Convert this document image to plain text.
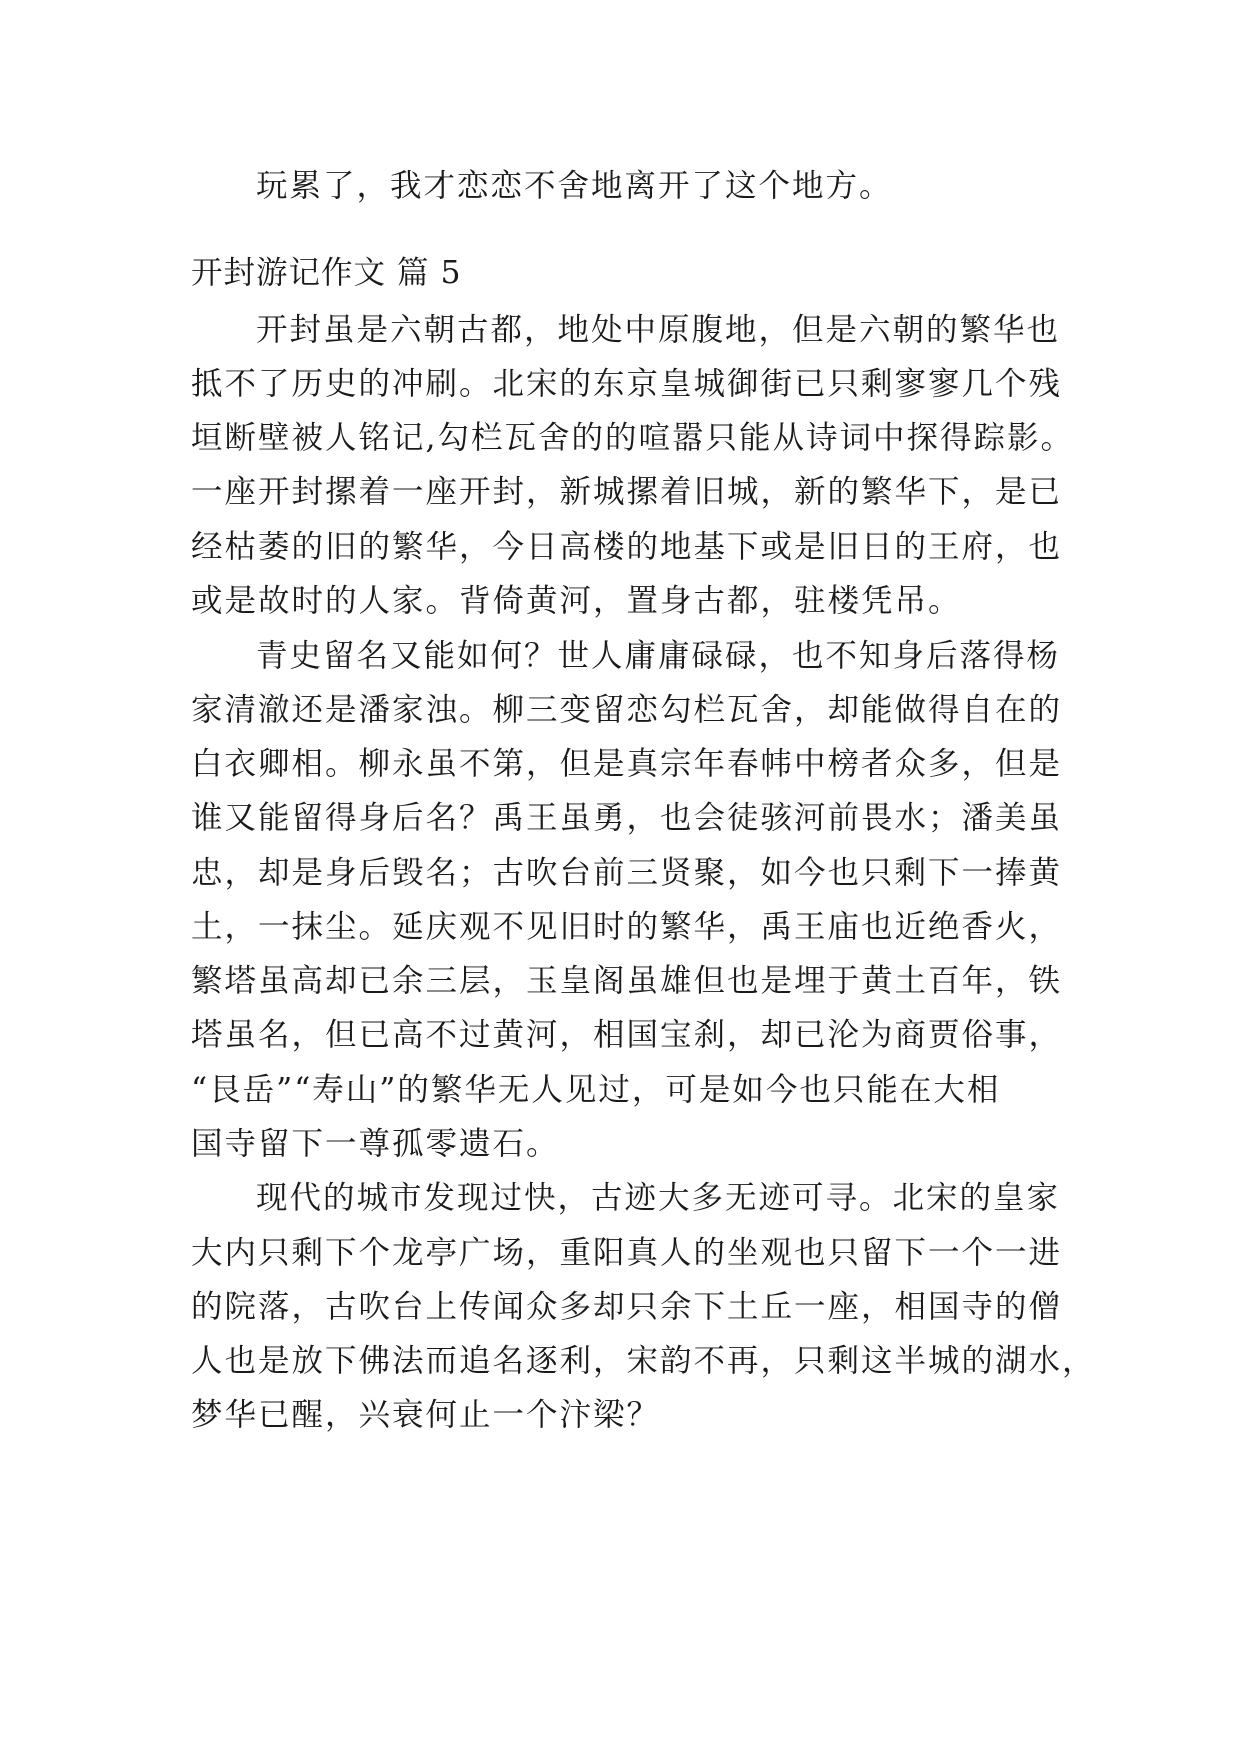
玩累了，我才恋恋不舍地离开了这个地方。
开封游记作文 篇 5
开封虽是六朝古都，地处中原腹地，但是六朝的繁华也
抵不了历史的冲刷。北宋的东京皇城御街已只剩寥寥几个残
垣断壁被人铭记,勾栏瓦舍的的喧嚣只能从诗词中探得踪影。
一座开封摞着一座开封，新城摞着旧城，新的繁华下，是已
经枯萎的旧的繁华，今日高楼的地基下或是旧日的王府，也
或是故时的人家。背倚黄河，置身古都，驻楼凭吊。
青史留名又能如何？世人庸庸碌碌，也不知身后落得杨
家清澈还是潘家浊。柳三变留恋勾栏瓦舍，却能做得自在的
白衣卿相。柳永虽不第，但是真宗年春帏中榜者众多，但是
谁又能留得身后名？禹王虽勇，也会徒骇河前畏水；潘美虽
忠，却是身后毁名；古吹台前三贤聚，如今也只剩下一捧黄
土，一抹尘。延庆观不见旧时的繁华，禹王庙也近绝香火，
繁塔虽高却已余三层，玉皇阁虽雄但也是埋于黄土百年，铁
塔虽名，但已高不过黄河，相国宝刹，却已沦为商贾俗事，
“艮岳”“寿山”的繁华无人见过，可是如今也只能在大相
国寺留下一尊孤零遗石。
现代的城市发现过快，古迹大多无迹可寻。北宋的皇家
大内只剩下个龙亭广场，重阳真人的坐观也只留下一个一进
的院落，古吹台上传闻众多却只余下土丘一座，相国寺的僧
人也是放下佛法而追名逐利，宋韵不再，只剩这半城的湖水，
梦华已醒，兴衰何止一个汴梁？
